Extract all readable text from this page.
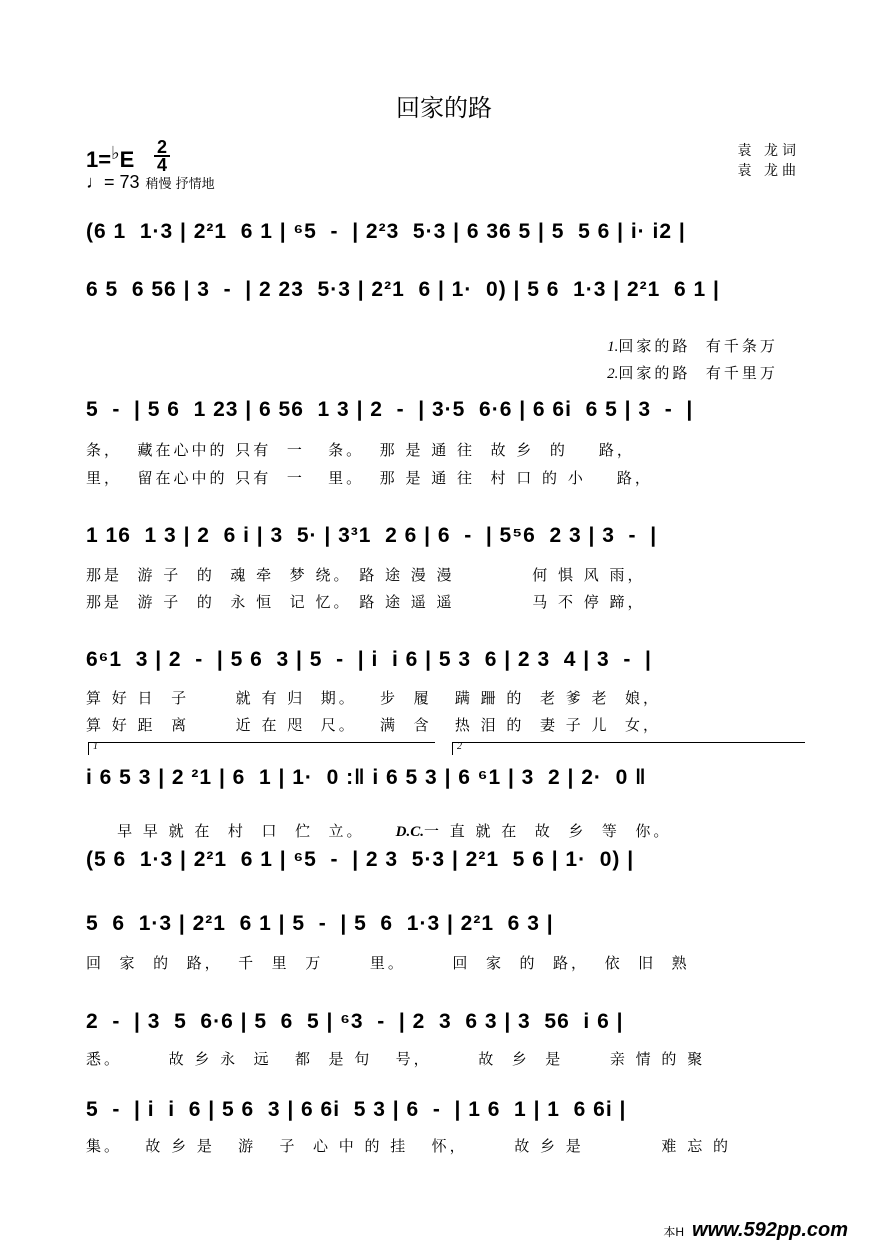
回家的路
袁 龙词
袁 龙曲
1=♭E 2
4
♩= 73 稍慢 抒情地
(6 1  1·3 | 2²1  6 1 | ⁶5  -  | 2²3  5·3 | 6 36 5 | 5  5 6 | i· i2 |
6 5  6 56 | 3  -  | 2 23  5·3 | 2²1  6 | 1·  0) | 5 6  1·3 | 2²1  6 1 |

1.回家的路  有千条万

2.回家的路  有千里万

5  -  | 5 6  1 23 | 6 56  1 3 | 2  -  | 3·5  6·6 | 6 6i  6 5 | 3  -  |
条，  藏在心中的 只有  一   条。  那 是 通 往  故 乡  的    路，
里，  留在心中的 只有  一   里。  那 是 通 往  村 口 的 小    路，
1 16  1 3 | 2  6 i | 3  5· | 3³1  2 6 | 6  -  | 5⁵6  2 3 | 3  -  |
那是  游 子  的  魂 牵  梦 绕。 路 途 漫 漫          何 惧 风 雨，
那是  游 子  的  永 恒  记 忆。 路 途 遥 遥          马 不 停 蹄，
6⁶1  3 | 2  -  | 5 6  3 | 5  -  | i  i 6 | 5 3  6 | 2 3  4 | 3  -  |
算 好 日  子      就 有 归  期。   步  履   蹒 跚 的  老 爹 老  娘，
算 好 距  离      近 在 咫  尺。   满  含   热 泪 的  妻 子 儿  女，
1	2
i 6 5 3 | 2 ²1 | 6  1 | 1·  0 :‖ i 6 5 3 | 6 ⁶1 | 3  2 | 2·  0 ‖

早 早 就 在  村  口  伫  立。 D.C.一 直 就 在  故  乡  等  你。

(5 6  1·3 | 2²1  6 1 | ⁶5  -  | 2 3  5·3 | 2²1  5 6 | 1·  0) |
5  6  1·3 | 2²1  6 1 | 5  -  | 5  6  1·3 | 2²1  6 3 |
回  家  的  路，  千  里  万      里。      回  家  的  路，  依  旧  熟
2  -  | 3  5  6·6 | 5  6  5 | ⁶3  -  | 2  3  6 3 | 3  56  i 6 |
悉。      故 乡 永  远   都  是 句   号，      故  乡  是      亲 情 的 聚
5  -  | i  i  6 | 5 6  3 | 6 6i  5 3 | 6  -  | 1 6  1 | 1  6 6i |
集。   故 乡 是   游   子  心 中 的 挂   怀，      故 乡 是          难 忘 的
本H www.592pp.com
